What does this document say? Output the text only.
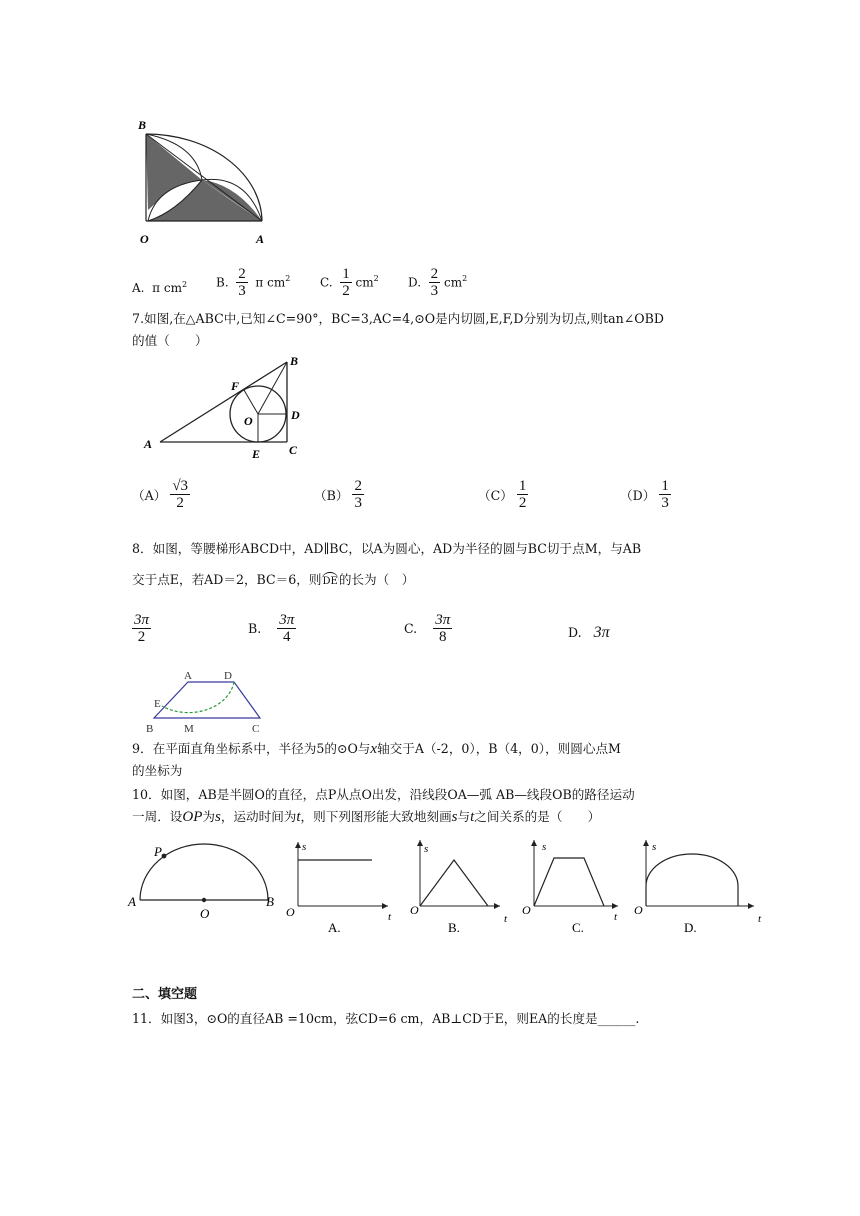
B
O	A
A. π $cm^2$ B. $\frac{2}{3}$ π $cm^2$ C. $\frac{1}{2} cm^2$ D. $\frac{2}{3} cm^2$
7.如图,在△ABC中,已知∠C=90°，BC=3,AC=4,⊙O是内切圆,E,F,D分别为切点,则tan∠OBD
的值（　　）
B
F
D
O
A
E C
$(A) \frac{√3}{2}$	$(B) \frac{2}{3}$	$(C) \frac{1}{2}$	$(D) \frac{1}{3}$
8．如图，等腰梯形ABCD中，AD∥BC，以A为圆心，AD为半径的圆与BC切于点M，与AB
交于点E，若AD＝2，BC＝6，则DE的长为（　）
$\frac{3\pi}{2}$	B. $\frac{3\pi}{4}$	C. $\frac{3\pi}{8}$	D. 3π
A	D
E
B	M	C
9．在平面直角坐标系中，半径为5的⊙O与x轴交于A（-2，0），B（4，0），则圆心点M
的坐标为
10．如图，AB是半圆O的直径，点P从点O出发，沿线段OA—弧 AB—线段OB的路径运动
一周．设OP为s，运动时间为t，则下列图形能大致地刻画s与t之间关系的是（　　）
P
A
O
B
s
O	t
A.
s
O
t
B.
s
O	t
C.
s
O
t
D.
二、填空题
11．如图3，⊙O的直径AB =10cm，弦CD=6 cm，AB⊥CD于E，则EA的长度是______.
